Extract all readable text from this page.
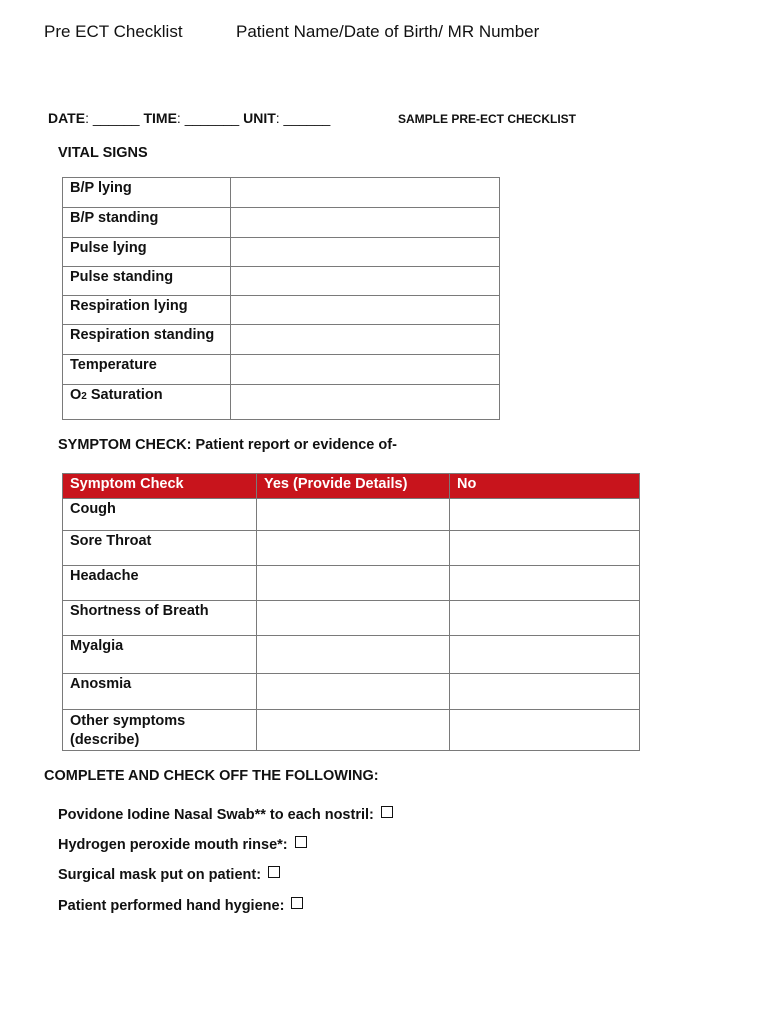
Pre ECT Checklist	Patient Name/Date of Birth/ MR Number
DATE: ______ TIME: _______ UNIT: ______	SAMPLE PRE-ECT CHECKLIST
VITAL SIGNS
B/P lying	
B/P standing	
Pulse lying	
Pulse standing	
Respiration lying	
Respiration standing	
Temperature	
O2 Saturation	
SYMPTOM CHECK: Patient report or evidence of-
Symptom Check	Yes (Provide Details)	No
Cough		
Sore Throat		
Headache		
Shortness of Breath		
Myalgia		
Anosmia		

Other symptoms
(describe)		

COMPLETE AND CHECK OFF THE FOLLOWING:
Povidone Iodine Nasal Swab** to each nostril:
Hydrogen peroxide mouth rinse*:
Surgical mask put on patient:
Patient performed hand hygiene:
